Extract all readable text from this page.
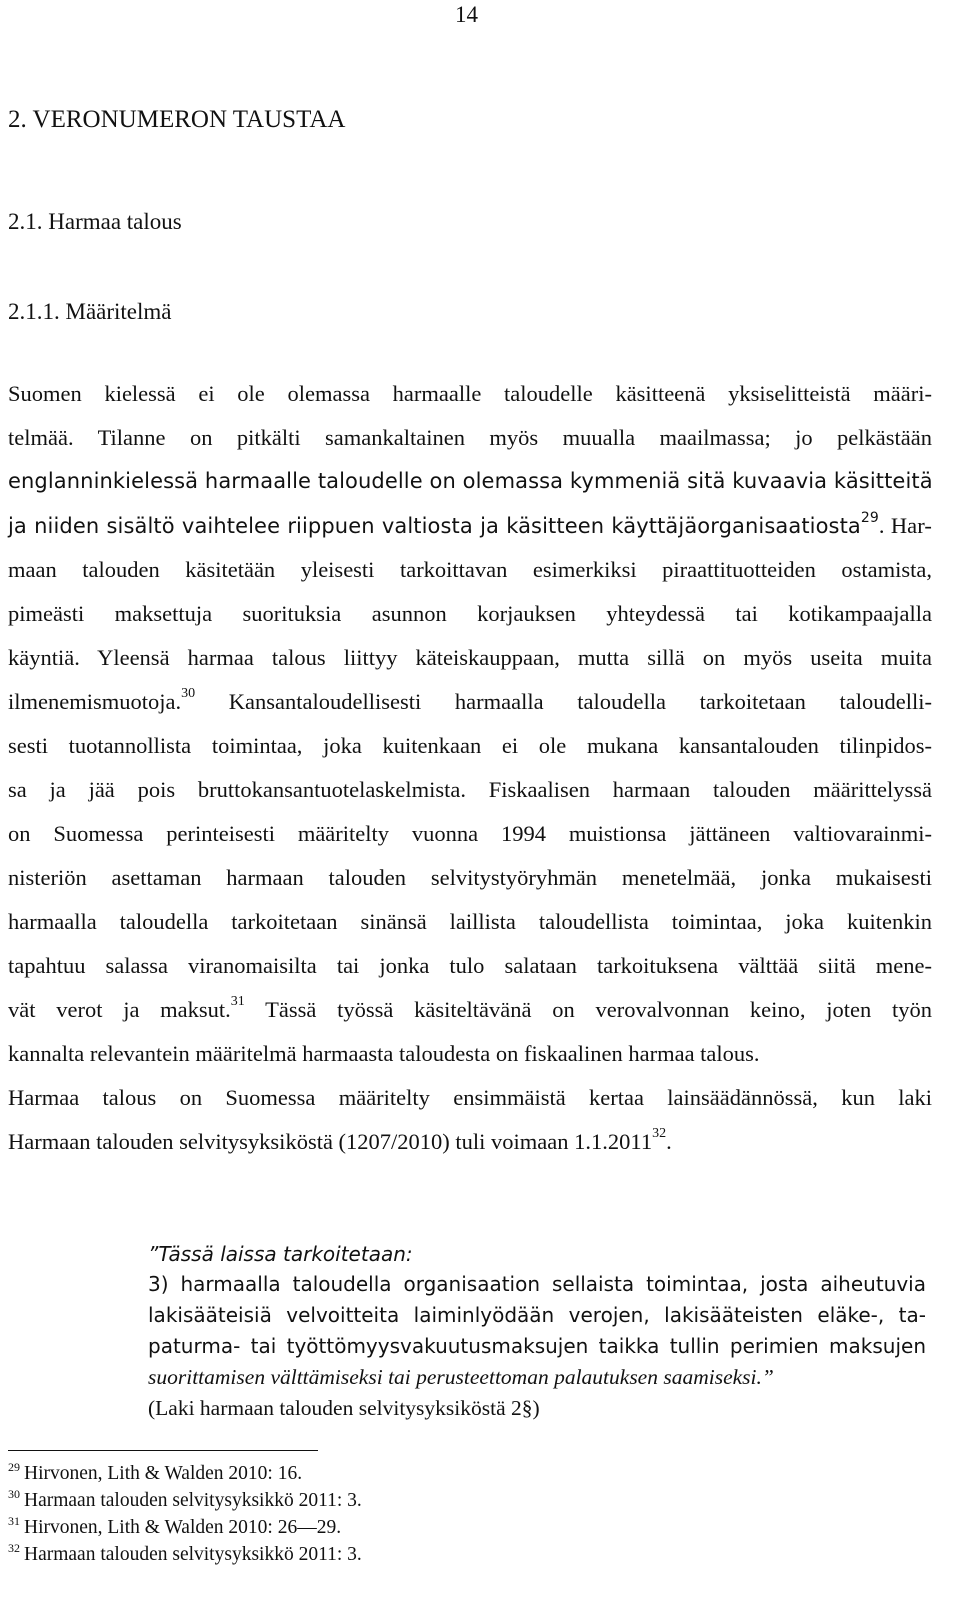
14
2. VERONUMERON TAUSTAA
2.1. Harmaa talous
2.1.1. Määritelmä
Suomen kielessä ei ole olemassa harmaalle taloudelle käsitteenä yksiselitteistä määri-
telmää. Tilanne on pitkälti samankaltainen myös muualla maailmassa; jo pelkästään
englanninkielessä harmaalle taloudelle on olemassa kymmeniä sitä kuvaavia käsitteitä
ja niiden sisältö vaihtelee riippuen valtiosta ja käsitteen käyttäjäorganisaatiosta$^{29}$. Har-
maan talouden käsitetään yleisesti tarkoittavan esimerkiksi piraattituotteiden ostamista,
pimeästi maksettuja suorituksia asunnon korjauksen yhteydessä tai kotikampaajalla
käyntiä. Yleensä harmaa talous liittyy käteiskauppaan, mutta sillä on myös useita muita
ilmenemismuotoja.$^{30}$ Kansantaloudellisesti harmaalla taloudella tarkoitetaan taloudelli-
sesti tuotannollista toimintaa, joka kuitenkaan ei ole mukana kansantalouden tilinpidos-
sa ja jää pois bruttokansantuotelaskelmista. Fiskaalisen harmaan talouden määrittelyssä
on Suomessa perinteisesti määritelty vuonna 1994 muistionsa jättäneen valtiovarainmi-
nisteriön asettaman harmaan talouden selvitystyöryhmän menetelmää, jonka mukaisesti
harmaalla taloudella tarkoitetaan sinänsä laillista taloudellista toimintaa, joka kuitenkin
tapahtuu salassa viranomaisilta tai jonka tulo salataan tarkoituksena välttää siitä mene-
vät verot ja maksut.$^{31}$ Tässä työssä käsiteltävänä on verovalvonnan keino, joten työn
kannalta relevantein määritelmä harmaasta taloudesta on fiskaalinen harmaa talous.
Harmaa talous on Suomessa määritelty ensimmäistä kertaa lainsäädännössä, kun laki
Harmaan talouden selvitysyksiköstä (1207/2010) tuli voimaan 1.1.2011$^{32}$.
”Tässä laissa tarkoitetaan:
3) harmaalla taloudella organisaation sellaista toimintaa, josta aiheutuvia
lakisääteisiä velvoitteita laiminlyödään verojen, lakisääteisten eläke-, ta-
paturma- tai työttömyysvakuutusmaksujen taikka tullin perimien maksujen
suorittamisen välttämiseksi tai perusteettoman palautuksen saamiseksi.”
(Laki harmaan talouden selvitysyksiköstä 2§)
$^{29}$ Hirvonen, Lith & Walden 2010: 16.
$^{30}$ Harmaan talouden selvitysyksikkö 2011: 3.
$^{31}$ Hirvonen, Lith & Walden 2010: 26—29.
$^{32}$ Harmaan talouden selvitysyksikkö 2011: 3.
